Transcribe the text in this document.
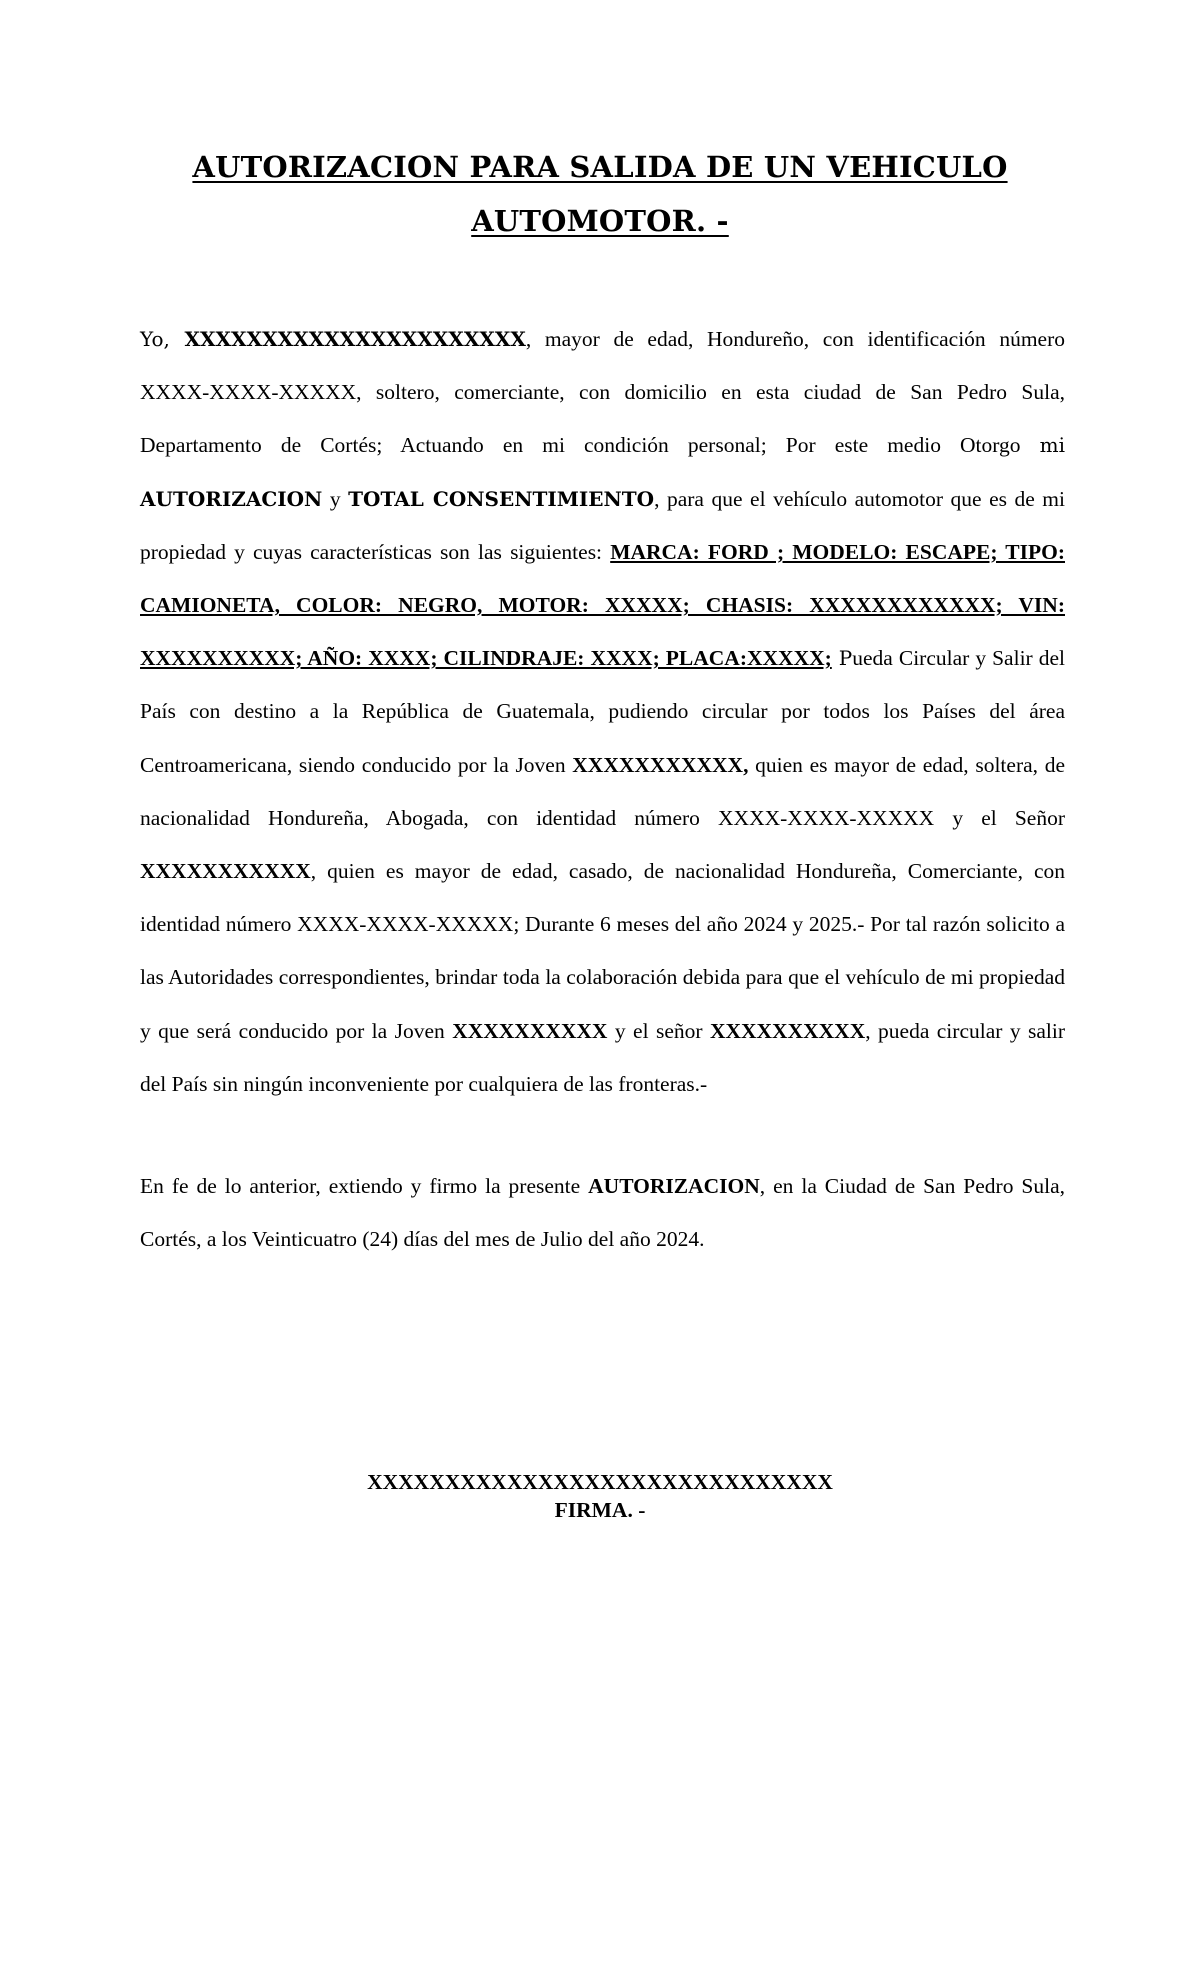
AUTORIZACION PARA SALIDA DE UN VEHICULO
AUTOMOTOR. -

Yo, XXXXXXXXXXXXXXXXXXXXXX, mayor de edad, Hondureño, con identificación número XXXX-XXXX-XXXXX, soltero, comerciante, con domicilio en esta ciudad de San Pedro Sula, Departamento de Cortés; Actuando en mi condición personal; Por este medio Otorgo mi AUTORIZACION y TOTAL CONSENTIMIENTO, para que el vehículo automotor que es de mi propiedad y cuyas características son las siguientes: MARCA: FORD ; MODELO: ESCAPE; TIPO: CAMIONETA, COLOR: NEGRO, MOTOR: XXXXX; CHASIS: XXXXXXXXXXXX; VIN: XXXXXXXXXX; AÑO: XXXX; CILINDRAJE: XXXX; PLACA:XXXXX; Pueda Circular y Salir del País con destino a la República de Guatemala, pudiendo circular por todos los Países del área Centroamericana, siendo conducido por la Joven XXXXXXXXXXX, quien es mayor de edad, soltera, de nacionalidad Hondureña, Abogada, con identidad número XXXX-XXXX-XXXXX y el Señor XXXXXXXXXXX, quien es mayor de edad, casado, de nacionalidad Hondureña, Comerciante, con identidad número XXXX-XXXX-XXXXX; Durante 6 meses del año 2024 y 2025.- Por tal razón solicito a las Autoridades correspondientes, brindar toda la colaboración debida para que el vehículo de mi propiedad y que será conducido por la Joven XXXXXXXXXX y el señor XXXXXXXXXX, pueda circular y salir del País sin ningún inconveniente por cualquiera de las fronteras.-

En fe de lo anterior, extiendo y firmo la presente AUTORIZACION, en la Ciudad de San Pedro Sula, Cortés, a los Veinticuatro (24) días del mes de Julio del año 2024.

XXXXXXXXXXXXXXXXXXXXXXXXXXXXXX

FIRMA. -
